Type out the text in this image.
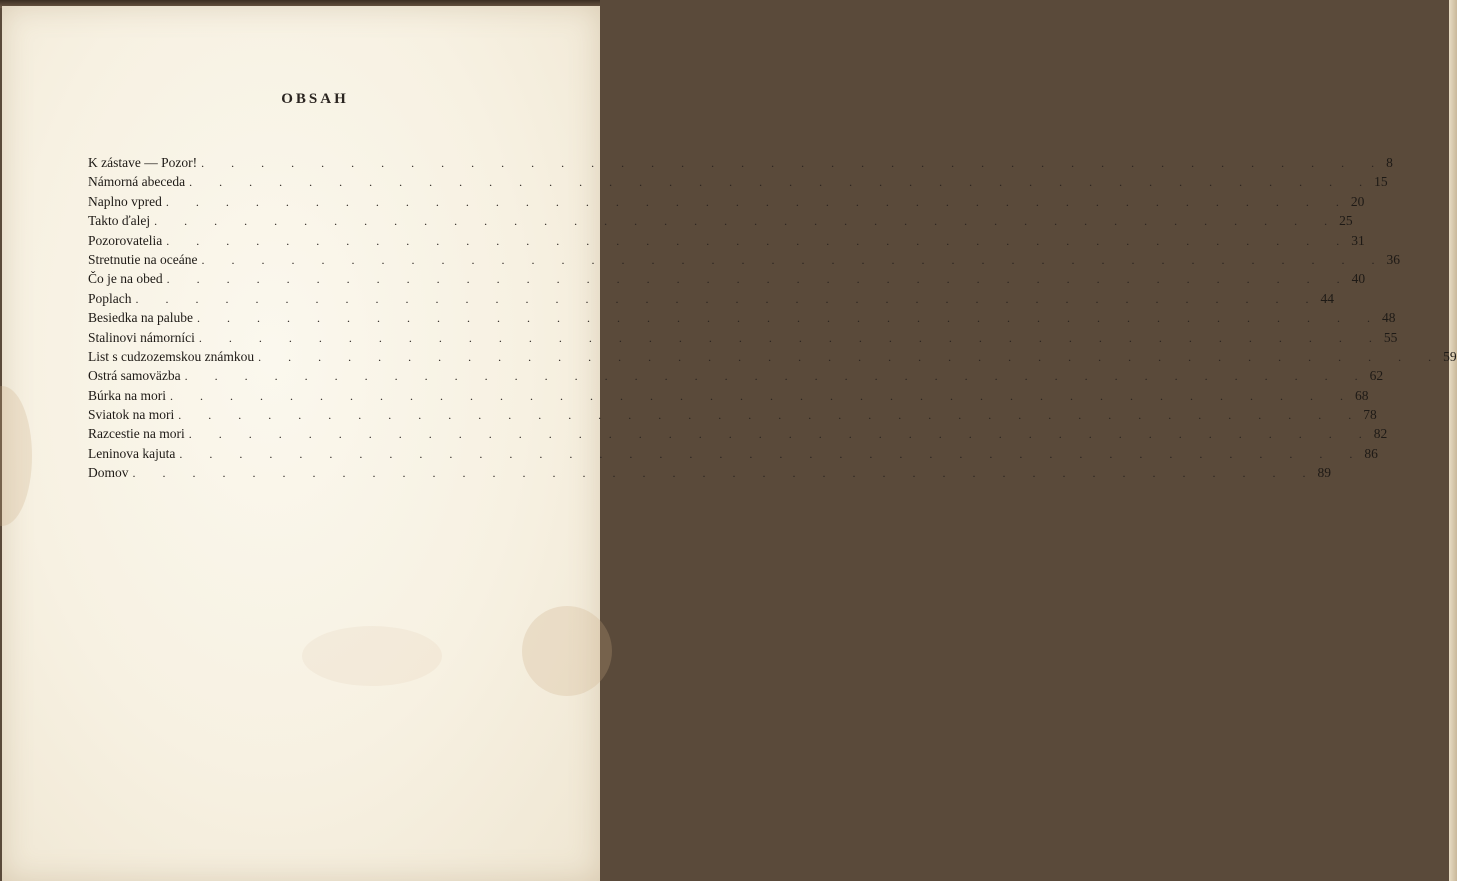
OBSAH
K zástave — Pozor! . . . . . . . . . . . . . . . . . . . . . . . . . . . . . . . . . . . . . . . . 8
Námorná abeceda . . . . . . . . . . . . . . . . . . . . . . . . . . . . . . . . . . . . . . . . 15
Naplno vpred . . . . . . . . . . . . . . . . . . . . . . . . . . . . . . . . . . . . . . . . 20
Takto ďalej . . . . . . . . . . . . . . . . . . . . . . . . . . . . . . . . . . . . . . . . 25
Pozorovatelia . . . . . . . . . . . . . . . . . . . . . . . . . . . . . . . . . . . . . . . . 31
Stretnutie na oceáne . . . . . . . . . . . . . . . . . . . . . . . . . . . . . . . . . . . . . . . . 36
Čo je na obed . . . . . . . . . . . . . . . . . . . . . . . . . . . . . . . . . . . . . . . . 40
Poplach . . . . . . . . . . . . . . . . . . . . . . . . . . . . . . . . . . . . . . . . 44
Besiedka na palube . . . . . . . . . . . . . . . . . . . . . . . . . . . . . . . . . . . . . . . . 48
Stalinovi námorníci . . . . . . . . . . . . . . . . . . . . . . . . . . . . . . . . . . . . . . . . 55
List s cudzozemskou známkou . . . . . . . . . . . . . . . . . . . . . . . . . . . . . . . . . . . . . . . . 59
Ostrá samoväzba . . . . . . . . . . . . . . . . . . . . . . . . . . . . . . . . . . . . . . . . 62
Búrka na mori . . . . . . . . . . . . . . . . . . . . . . . . . . . . . . . . . . . . . . . . 68
Sviatok na mori . . . . . . . . . . . . . . . . . . . . . . . . . . . . . . . . . . . . . . . . 78
Razcestie na mori . . . . . . . . . . . . . . . . . . . . . . . . . . . . . . . . . . . . . . . . 82
Leninova kajuta . . . . . . . . . . . . . . . . . . . . . . . . . . . . . . . . . . . . . . . . 86
Domov . . . . . . . . . . . . . . . . . . . . . . . . . . . . . . . . . . . . . . . . 89
